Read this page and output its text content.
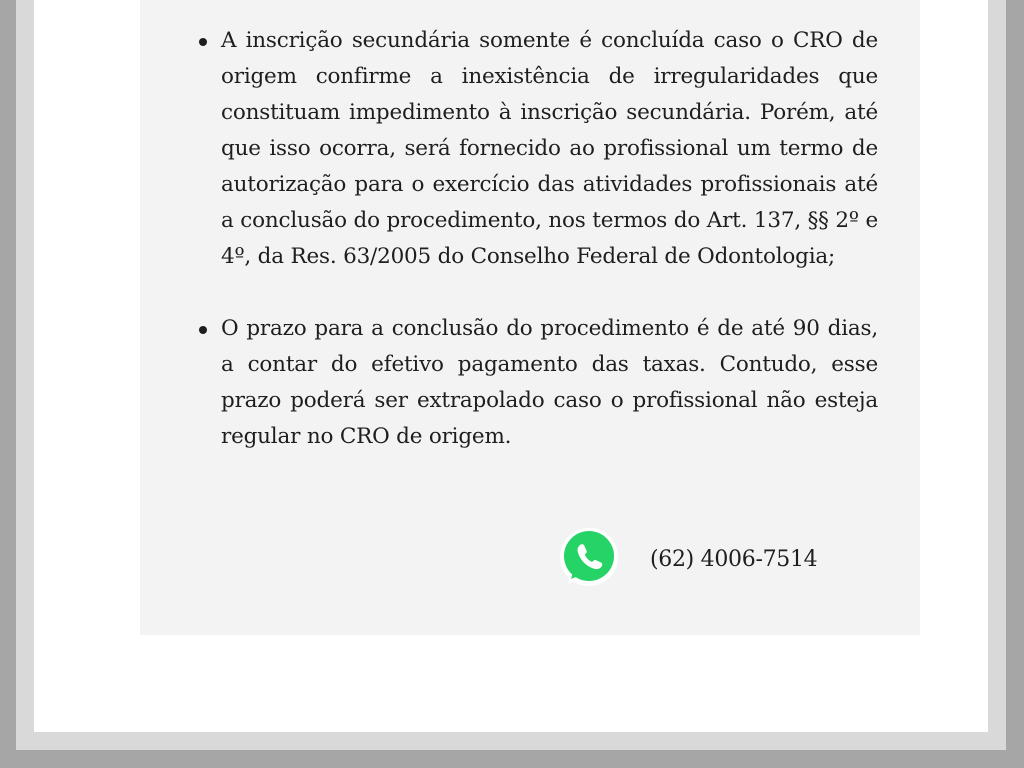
A inscrição secundária somente é concluída caso o CRO de origem confirme a inexistência de irregularidades que constituam impedimento à inscrição secundária. Porém, até que isso ocorra, será fornecido ao profissional um termo de autorização para o exercício das atividades profissionais até a conclusão do procedimento, nos termos do Art. 137, §§ 2º e 4º, da Res. 63/2005 do Conselho Federal de Odontologia;
O prazo para a conclusão do procedimento é de até 90 dias, a contar do efetivo pagamento das taxas. Contudo, esse prazo poderá ser extrapolado caso o profissional não esteja regular no CRO de origem.
(62) 4006-7514
